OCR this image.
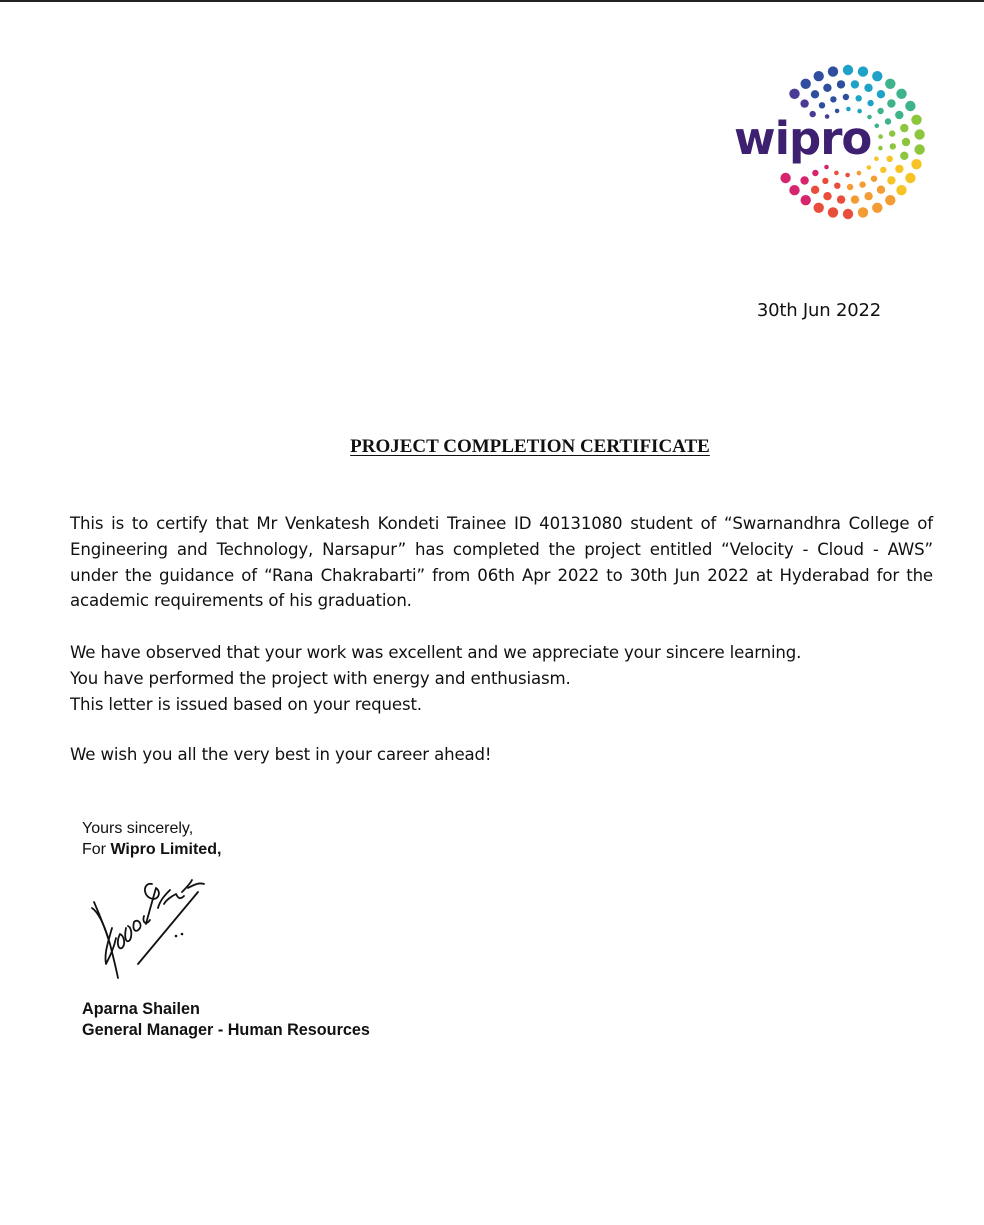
wipro
30th Jun 2022
PROJECT COMPLETION CERTIFICATE

This is to certify that Mr Venkatesh Kondeti Trainee ID 40131080 student of “Swarnandhra College of Engineering and Technology, Narsapur” has completed the project entitled “Velocity - Cloud - AWS” under the guidance of “Rana Chakrabarti” from 06th Apr 2022 to 30th Jun 2022 at Hyderabad for the academic requirements of his graduation.

We have observed that your work was excellent and we appreciate your sincere learning.
You have performed the project with energy and enthusiasm.
This letter is issued based on your request.

We wish you all the very best in your career ahead!

Yours sincerely,
For Wipro Limited,
Aparna Shailen
General Manager - Human Resources
